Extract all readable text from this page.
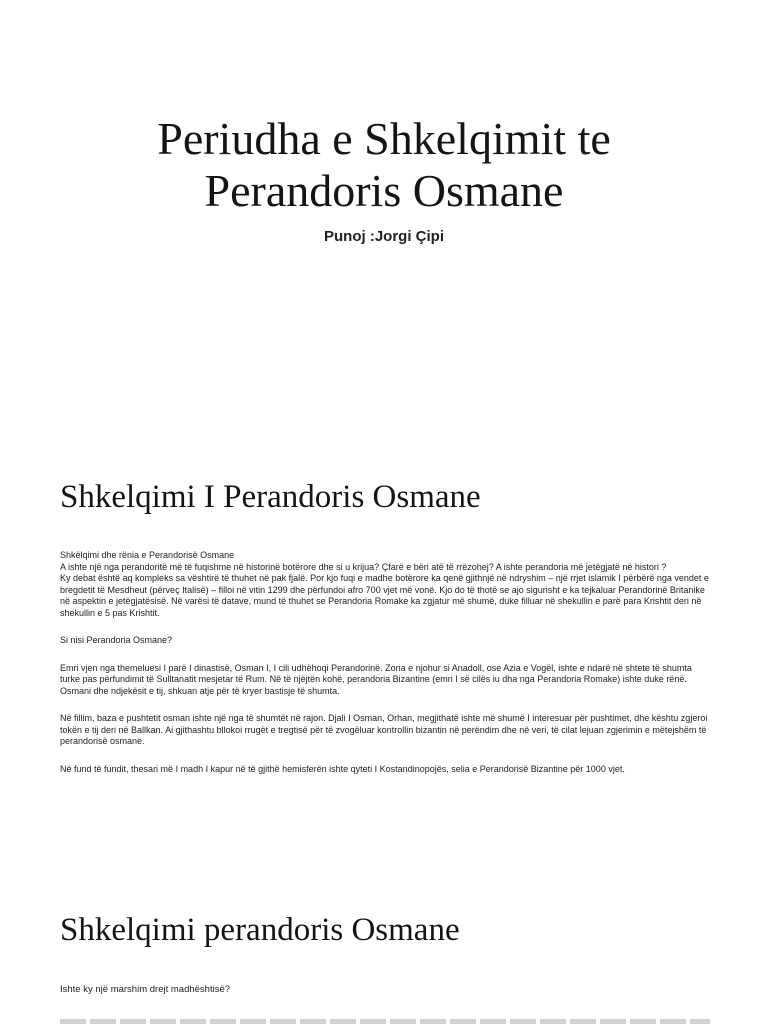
Periudha e Shkelqimit te
Perandoris Osmane

Punoj :Jorgi Çipi

Shkelqimi I Perandoris Osmane

Shkëlqimi dhe rënia e Perandorisë Osmane

A ishte një nga perandoritë më të fuqishme në historinë botërore dhe si u krijua? Çfarë e bëri atë të rrëzohej? A ishte perandoria më jetëgjatë në histori ?

Ky debat është aq kompleks sa vështirë të thuhet në pak fjalë. Por kjo fuqi e madhe botërore ka qenë gjithnjë në ndryshim – një rrjet islamik I përbërë nga vendet e bregdetit të Mesdheut (përveç Italisë) – filloi në vitin 1299 dhe përfundoi afro 700 vjet më vonë. Kjo do të thotë se ajo sigurisht e ka tejkaluar Perandorinë Britanike në aspektin e jetëgjatësisë. Në varësi të datave, mund të thuhet se Perandoria Romake ka zgjatur më shumë, duke filluar në shekullin e parë para Krishtit deri në shekullin e 5 pas Krishtit.

Si nisi Perandoria Osmane?

Emri vjen nga themeluesi I parë I dinastisë, Osman I, I cili udhëhoqi Perandorinë. Zona e njohur si Anadoll, ose Azia e Vogël, ishte e ndarë në shtete të shumta turke pas përfundimit të Sulltanatit mesjetar të Rum. Në të njëjtën kohë, perandoria Bizantine (emri I së cilës iu dha nga Perandoria Romake) ishte duke rënë. Osmani dhe ndjekësit e tij, shkuan atje për të kryer bastisje të shumta.

Në fillim, baza e pushtetit osman ishte një nga të shumtët në rajon. Djali I Osman, Orhan, megjithatë ishte më shumë I interesuar për pushtimet, dhe kështu zgjeroi tokën e tij deri në Ballkan. Ai gjithashtu bllokoi rrugët e tregtisë për të zvogëluar kontrollin bizantin në perëndim dhe në veri, të cilat lejuan zgjerimin e mëtejshëm të perandorisë osmane.

Në fund të fundit, thesari më I madh I kapur në të gjithë hemisferën ishte qyteti I Kostandinopojës, selia e Perandorisë Bizantine për 1000 vjet.

Shkelqimi perandoris Osmane

Ishte ky një marshim drejt madhështisë?
